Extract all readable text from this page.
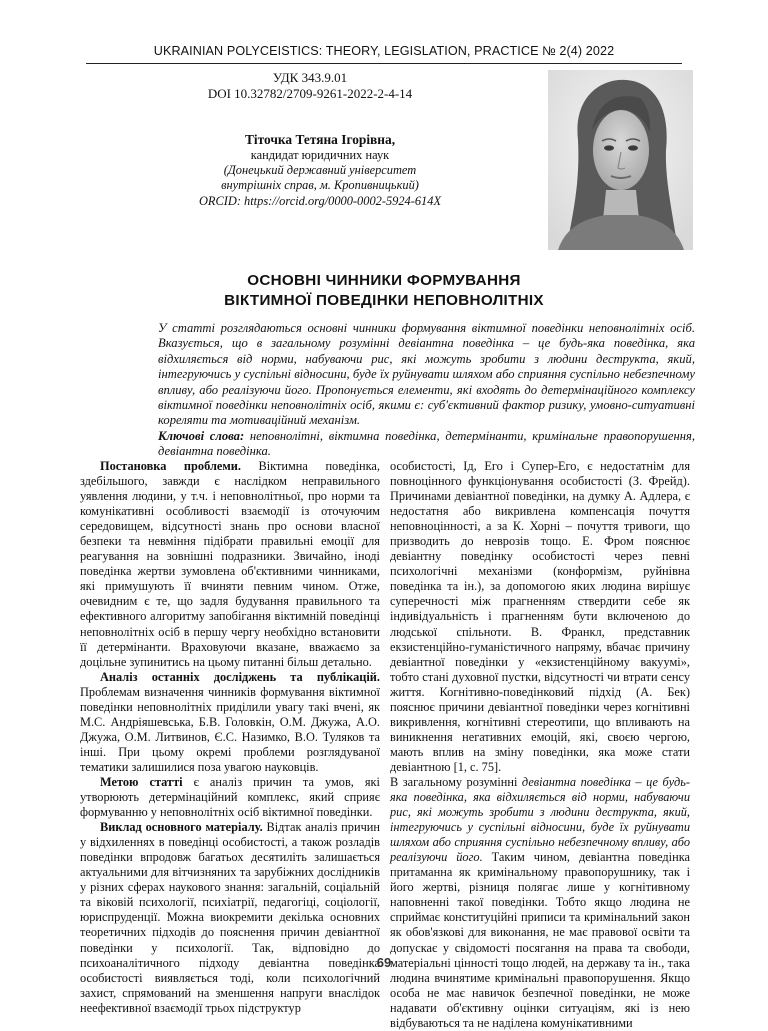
UKRAINIAN POLYCEISTICS: THEORY, LEGISLATION, PRACTICE № 2(4) 2022
УДК 343.9.01
DOI 10.32782/2709-9261-2022-2-4-14
Тіточка Тетяна Ігорівна,
кандидат юридичних наук
(Донецький державний університет
внутрішніх справ, м. Кропивницький)
ORCID: https://orcid.org/0000-0002-5924-614X
ОСНОВНІ ЧИННИКИ ФОРМУВАННЯ
ВІКТИМНОЇ ПОВЕДІНКИ НЕПОВНОЛІТНІХ

У статті розглядаються основні чинники формування віктимної поведінки неповнолітніх осіб. Вказується, що в загальному розумінні девіантна поведінка – це будь-яка поведінка, яка відхиляється від норми, набуваючи рис, які можуть зробити з людини деструкта, який, інтегруючись у суспільні відносини, буде їх руйнувати шляхом або сприяння суспільно небезпечному впливу, або реалізуючи його. Пропонується елементи, які входять до детермінаційного комплексу віктимної поведінки неповнолітніх осіб, якими є: суб'єктивний фактор ризику, умовно-ситуативні кореляти та мотиваційний механізм.

Ключові слова: неповнолітні, віктимна поведінка, детермінанти, кримінальне правопорушення, девіантна поведінка.

Постановка проблеми. Віктимна поведінка, здебільшого, завжди є наслідком неправильного уявлення людини, у т.ч. і неповнолітньої, про норми та комунікативні особливості взаємодії із оточуючим середовищем, відсутності знань про основи власної безпеки та невміння підібрати правильні емоції для реагування на зовнішні подразники. Звичайно, іноді поведінка жертви зумовлена об'єктивними чинниками, які примушують її вчиняти певним чином. Отже, очевидним є те, що задля будування правильного та ефективного алгоритму запобігання віктимній поведінці неповнолітніх осіб в першу чергу необхідно встановити її детермінанти. Враховуючи вказане, вважаємо за доцільне зупинитись на цьому питанні більш детально.

Аналіз останніх досліджень та публікацій. Проблемам визначення чинників формування віктимної поведінки неповнолітніх приділили увагу такі вчені, як М.С. Андріяшевська, Б.В. Головкін, О.М. Джужа, А.О. Джужа, О.М. Литвинов, Є.С. Назимко, В.О. Туляков та інші. При цьому окремі проблеми розглядуваної тематики залишилися поза увагою науковців.

Метою статті є аналіз причин та умов, які утворюють детермінаційний комплекс, який сприяє формуванню у неповнолітніх осіб віктимної поведінки.

Виклад основного матеріалу. Відтак аналіз причин у відхиленнях в поведінці особистості, а також розладів поведінки впродовж багатьох десятиліть залишається актуальними для вітчизняних та зарубіжних дослідників у різних сферах наукового знання: загальній, соціальній та віковій психології, психіатрії, педагогіці, соціології, юриспруденції. Можна виокремити декілька основних теоретичних підходів до пояснення причин девіантної поведінки у психології. Так, відповідно до психоаналітичного підходу девіантна поведінка особистості виявляється тоді, коли психологічний захист, спрямований на зменшення напруги внаслідок неефективної взаємодії трьох підструктур

особистості, Ід, Его і Супер-Его, є недостатнім для повноцінного функціонування особистості (З. Фрейд). Причинами девіантної поведінки, на думку А. Адлера, є недостатня або викривлена компенсація почуття неповноцінності, а за К. Хорні – почуття тривоги, що призводить до неврозів тощо. Е. Фром пояснює девіантну поведінку особистості через певні психологічні механізми (конформізм, руйнівна поведінка та ін.), за допомогою яких людина вирішує суперечності між прагненням ствердити себе як індивідуальність і прагненням бути включеною до людської спільноти. В. Франкл, представник екзистенційно-гуманістичного напряму, вбачає причину девіантної поведінки у «екзистенційному вакуумі», тобто стані духовної пустки, відсутності чи втрати сенсу життя. Когнітивно-поведінковий підхід (А. Бек) пояснює причини девіантної поведінки через когнітивні викривлення, когнітивні стереотипи, що впливають на виникнення негативних емоцій, які, своєю чергою, мають вплив на зміну поведінки, яка може стати девіантною [1, с. 75].

В загальному розумінні девіантна поведінка – це будь-яка поведінка, яка відхиляється від норми, набуваючи рис, які можуть зробити з людини деструкта, який, інтегруючись у суспільні відносини, буде їх руйнувати шляхом або сприяння суспільно небезпечному впливу, або реалізуючи його. Таким чином, девіантна поведінка притаманна як кримінальному правопорушнику, так і його жертві, різниця полягає лише у когнітивному наповненні такої поведінки. Тобто якщо людина не сприймає конституційні приписи та кримінальний закон як обов'язкові для виконання, не має правової освіти та допускає у свідомості посягання на права та свободи, матеріальні цінності тощо людей, на державу та ін., така людина вчинятиме кримінальні правопорушення. Якщо особа не має навичок безпечної поведінки, не може надавати об'єктивну оцінки ситуаціям, які із нею відбуваються та не наділена комунікативними

69
